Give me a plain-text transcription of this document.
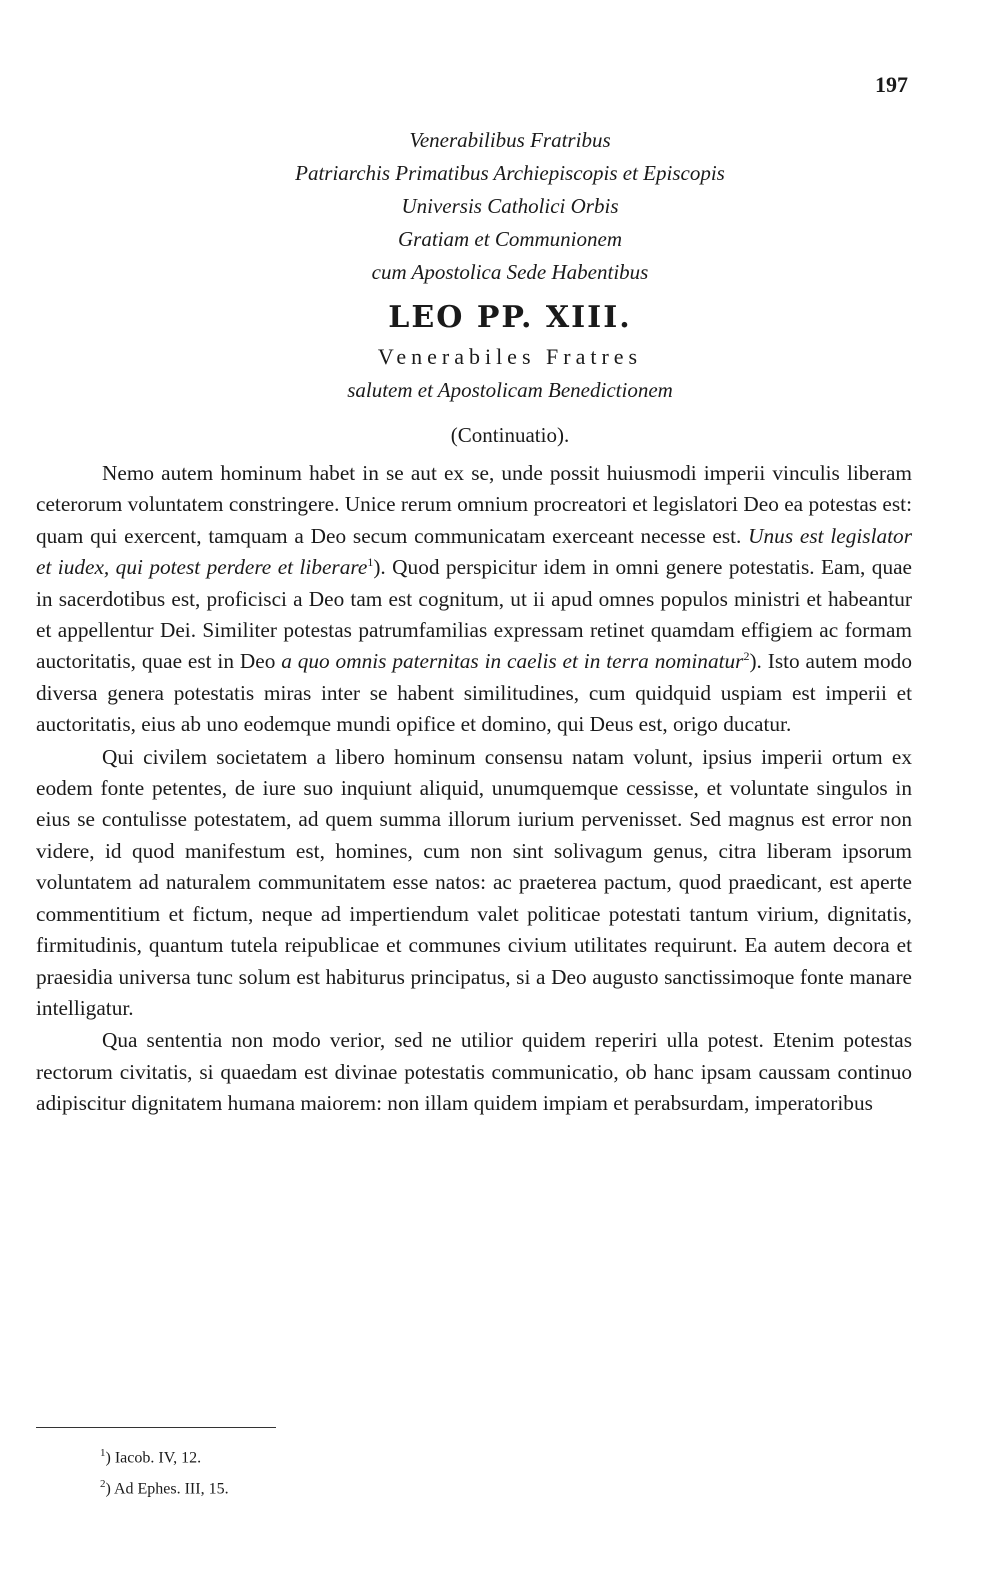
197
Venerabilibus Fratribus
Patriarchis Primatibus Archiepiscopis et Episcopis
Universis Catholici Orbis
Gratiam et Communionem
cum Apostolica Sede Habentibus
LEO PP. XIII.
Venerabiles Fratres
salutem et Apostolicam Benedictionem
(Continuatio).

Nemo autem hominum habet in se aut ex se, unde possit huiusmodi imperii vinculis liberam ceterorum voluntatem constringere. Unice rerum omnium procreatori et legislatori Deo ea potestas est: quam qui exercent, tamquam a Deo secum communicatam exerceant necesse est. Unus est legislator et iudex, qui potest perdere et liberare$^1$). Quod perspicitur idem in omni genere potestatis. Eam, quae in sacerdotibus est, proficisci a Deo tam est cognitum, ut ii apud omnes populos ministri et habeantur et appellentur Dei. Similiter potestas patrumfamilias expressam retinet quamdam effigiem ac formam auctoritatis, quae est in Deo a quo omnis paternitas in caelis et in terra nominatur$^2$). Isto autem modo diversa genera potestatis miras inter se habent similitudines, cum quidquid uspiam est imperii et auctoritatis, eius ab uno eodemque mundi opifice et domino, qui Deus est, origo ducatur.

Qui civilem societatem a libero hominum consensu natam volunt, ipsius imperii ortum ex eodem fonte petentes, de iure suo inquiunt aliquid, unumquemque cessisse, et voluntate singulos in eius se contulisse potestatem, ad quem summa illorum iurium pervenisset. Sed magnus est error non videre, id quod manifestum est, homines, cum non sint solivagum genus, citra liberam ipsorum voluntatem ad naturalem communitatem esse natos: ac praeterea pactum, quod praedicant, est aperte commentitium et fictum, neque ad impertiendum valet politicae potestati tantum virium, dignitatis, firmitudinis, quantum tutela reipublicae et communes civium utilitates requirunt. Ea autem decora et praesidia universa tunc solum est habiturus principatus, si a Deo augusto sanctissimoque fonte manare intelligatur.

Qua sententia non modo verior, sed ne utilior quidem reperiri ulla potest. Etenim potestas rectorum civitatis, si quaedam est divinae potestatis communicatio, ob hanc ipsam caussam continuo adipiscitur dignitatem humana maiorem: non illam quidem impiam et perabsurdam, imperatoribus

$^1$) Iacob. IV, 12.
$^2$) Ad Ephes. III, 15.
